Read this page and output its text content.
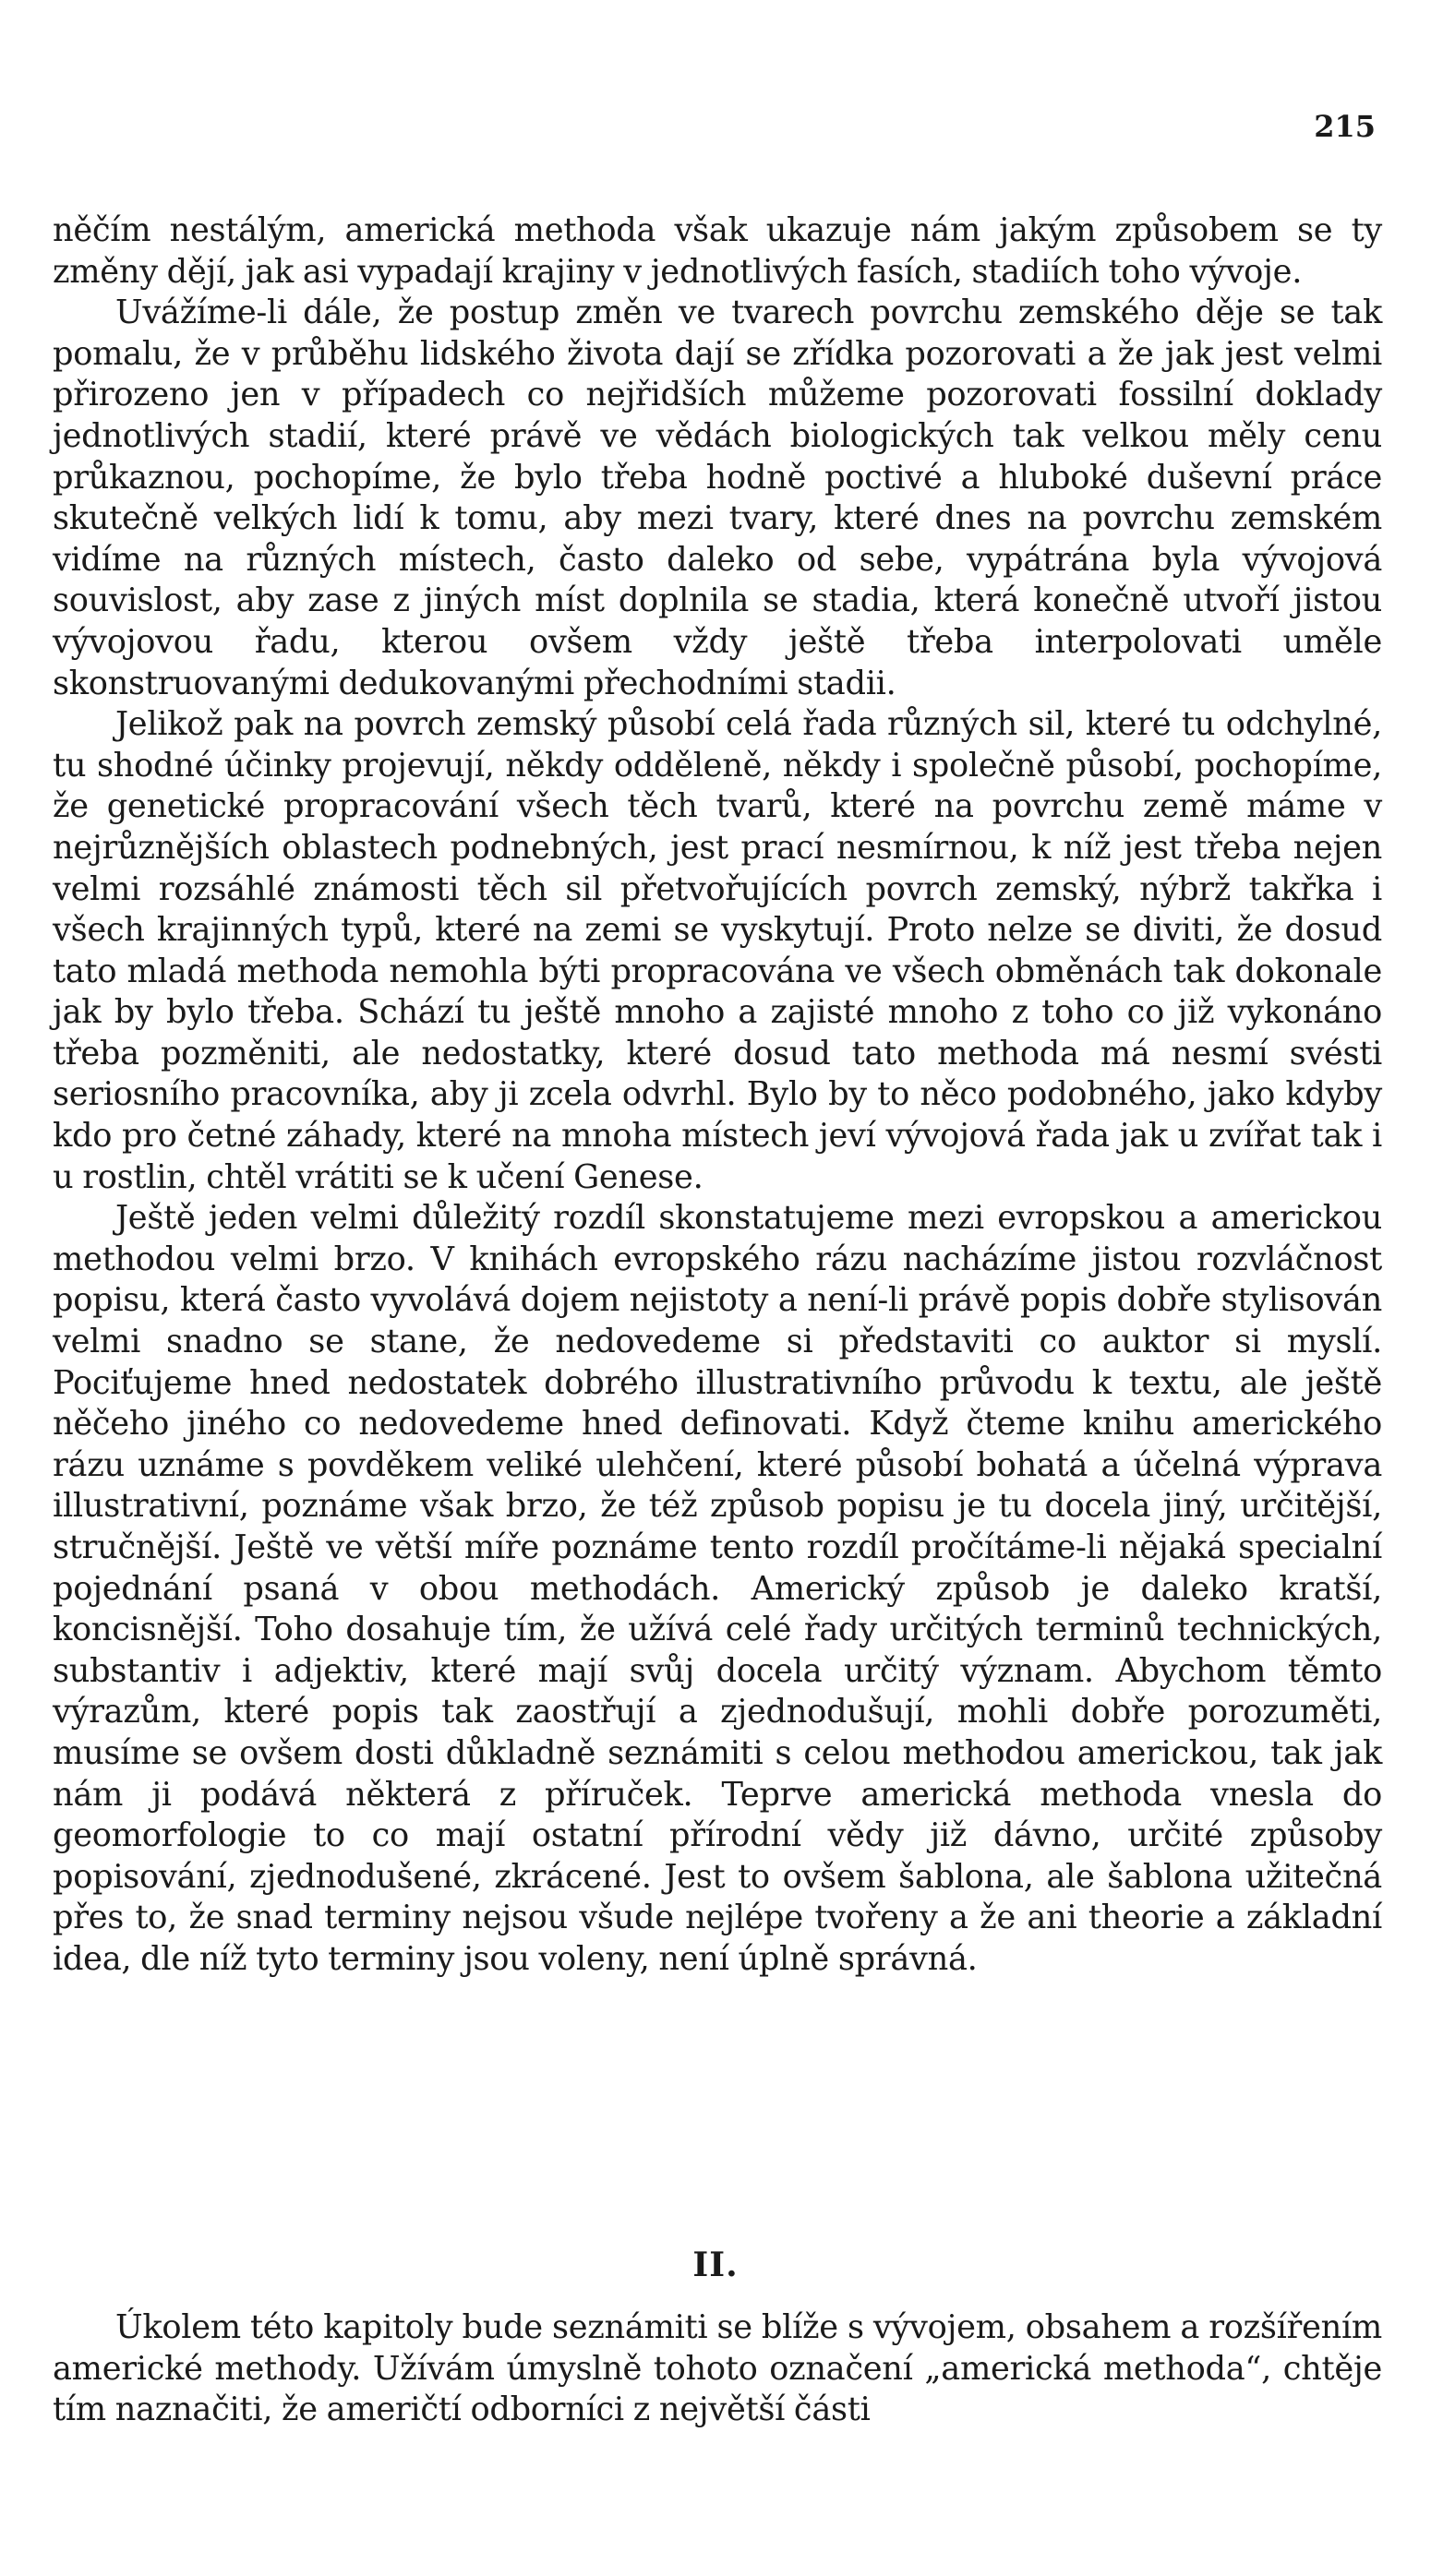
215

něčím nestálým, americká methoda však ukazuje nám jakým způsobem se ty změny dějí, jak asi vypadají krajiny v jednotlivých fasích, stadiích toho vývoje.

Uvážíme-li dále, že postup změn ve tvarech povrchu zemského děje se tak pomalu, že v průběhu lidského života dají se zřídka pozorovati a že jak jest velmi přirozeno jen v případech co nejřidších můžeme pozorovati fossilní doklady jednotlivých stadií, které právě ve vědách biologických tak velkou měly cenu průkaznou, pochopíme, že bylo třeba hodně poctivé a hluboké duševní práce skutečně velkých lidí k tomu, aby mezi tvary, které dnes na povrchu zemském vidíme na různých místech, často daleko od sebe, vypátrána byla vývojová souvislost, aby zase z jiných míst doplnila se stadia, která konečně utvoří jistou vývojovou řadu, kterou ovšem vždy ještě třeba interpolovati uměle skonstruovanými dedukovanými přechodními stadii.

Jelikož pak na povrch zemský působí celá řada různých sil, které tu odchylné, tu shodné účinky projevují, někdy odděleně, někdy i společně působí, pochopíme, že genetické propracování všech těch tvarů, které na povrchu země máme v nejrůznějších oblastech podnebných, jest prací nesmírnou, k níž jest třeba nejen velmi rozsáhlé známosti těch sil přetvořujících povrch zemský, nýbrž takřka i všech krajinných typů, které na zemi se vyskytují. Proto nelze se diviti, že dosud tato mladá methoda nemohla býti propracována ve všech obměnách tak dokonale jak by bylo třeba. Schází tu ještě mnoho a zajisté mnoho z toho co již vykonáno třeba pozměniti, ale nedostatky, které dosud tato methoda má nesmí svésti seriosního pracovníka, aby ji zcela odvrhl. Bylo by to něco podobného, jako kdyby kdo pro četné záhady, které na mnoha místech jeví vývojová řada jak u zvířat tak i u rostlin, chtěl vrátiti se k učení Genese.

Ještě jeden velmi důležitý rozdíl skonstatujeme mezi evropskou a americkou methodou velmi brzo. V knihách evropského rázu nacházíme jistou rozvláčnost popisu, která často vyvolává dojem nejistoty a není-li právě popis dobře stylisován velmi snadno se stane, že nedovedeme si představiti co auktor si myslí. Pociťujeme hned nedostatek dobrého illustrativního průvodu k textu, ale ještě něčeho jiného co nedovedeme hned definovati. Když čteme knihu amerického rázu uznáme s povděkem veliké ulehčení, které působí bohatá a účelná výprava illustrativní, poznáme však brzo, že též způsob popisu je tu docela jiný, určitější, stručnější. Ještě ve větší míře poznáme tento rozdíl pročítáme-li nějaká specialní pojednání psaná v obou methodách. Americký způsob je daleko kratší, koncisnější. Toho dosahuje tím, že užívá celé řady určitých terminů technických, substantiv i adjektiv, které mají svůj docela určitý význam. Abychom těmto výrazům, které popis tak zaostřují a zjednodušují, mohli dobře porozuměti, musíme se ovšem dosti důkladně seznámiti s celou methodou americkou, tak jak nám ji podává některá z příruček. Teprve americká methoda vnesla do geomorfologie to co mají ostatní přírodní vědy již dávno, určité způsoby popisování, zjednodušené, zkrácené. Jest to ovšem šablona, ale šablona užitečná přes to, že snad terminy nejsou všude nejlépe tvořeny a že ani theorie a základní idea, dle níž tyto terminy jsou voleny, není úplně správná.

II.

Úkolem této kapitoly bude seznámiti se blíže s vývojem, obsahem a rozšířením americké methody. Užívám úmyslně tohoto označení „americká methoda“, chtěje tím naznačiti, že američtí odborníci z největší části
